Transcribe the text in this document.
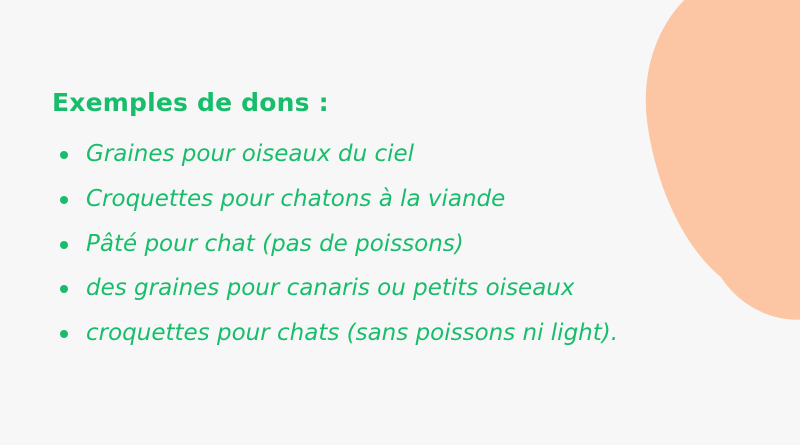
Exemples de dons :
Graines pour oiseaux du ciel
Croquettes pour chatons à la viande
Pâté pour chat (pas de poissons)
des graines pour canaris ou petits oiseaux
croquettes pour chats (sans poissons ni light).
